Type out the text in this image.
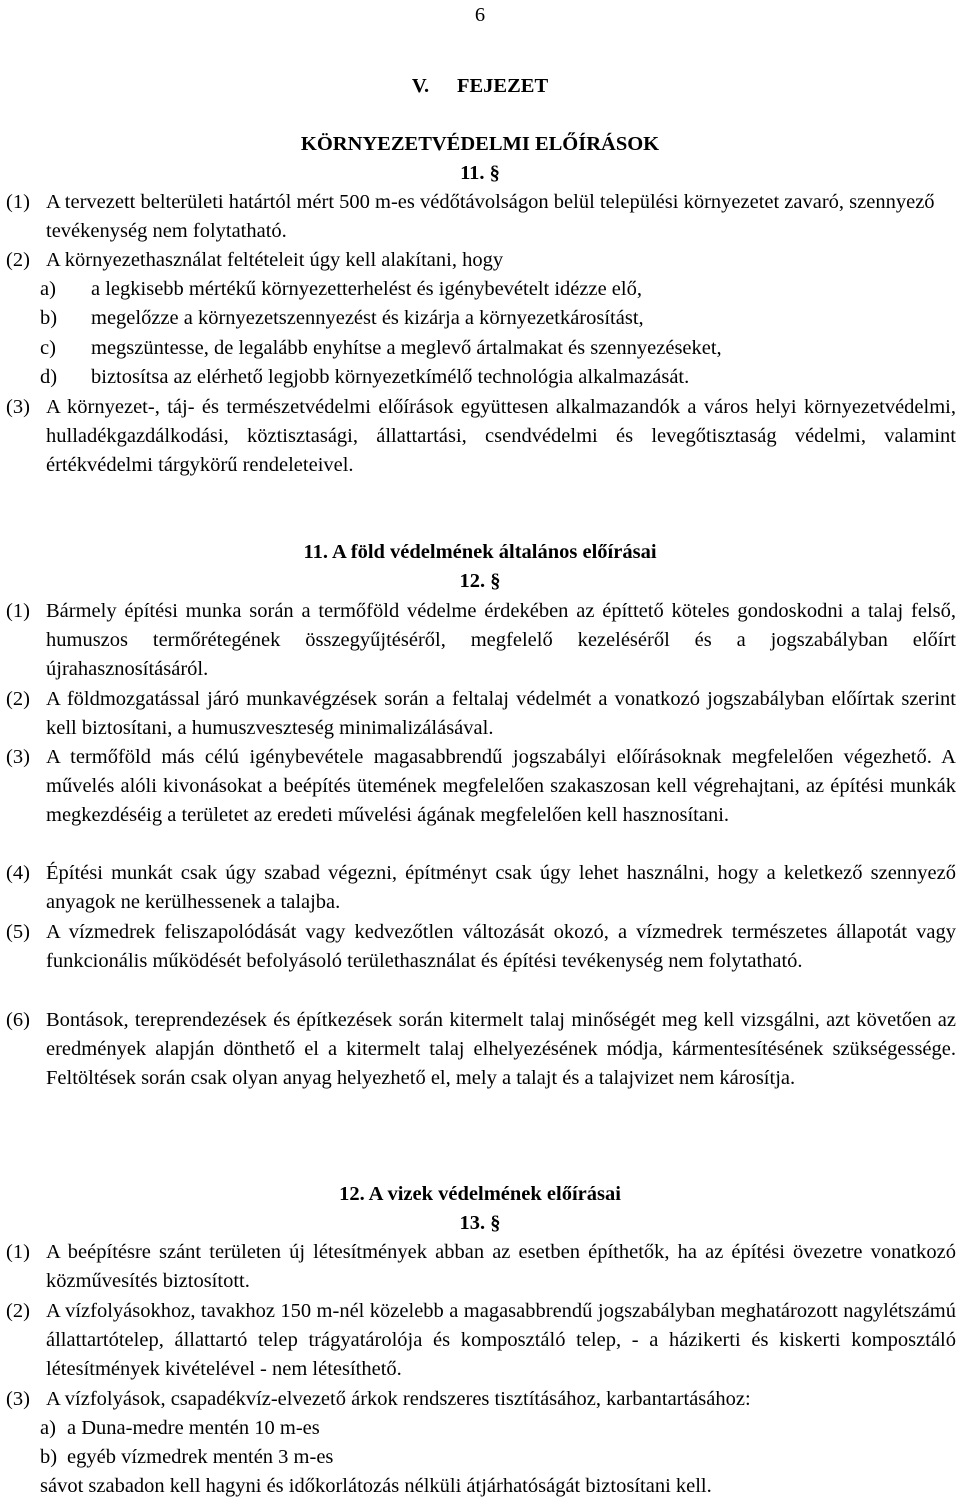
6
V. FEJEZET
KÖRNYEZETVÉDELMI ELŐÍRÁSOK
11. §
(1) A tervezett belterületi határtól mért 500 m-es védőtávolságon belül települési környezetet zavaró, szennyező tevékenység nem folytatható.
(2) A környezethasználat feltételeit úgy kell alakítani, hogy
a)	a legkisebb mértékű környezetterhelést és igénybevételt idézze elő,
b)	megelőzze a környezetszennyezést és kizárja a környezetkárosítást,
c)	megszüntesse, de legalább enyhítse a meglevő ártalmakat és szennyezéseket,
d)	biztosítsa az elérhető legjobb környezetkímélő technológia alkalmazását.
(3) A környezet-, táj- és természetvédelmi előírások együttesen alkalmazandók a város helyi környezetvédelmi, hulladékgazdálkodási, köztisztasági, állattartási, csendvédelmi és levegőtisztaság védelmi, valamint értékvédelmi tárgykörű rendeleteivel.
11. A föld védelmének általános előírásai
12. §
(1) Bármely építési munka során a termőföld védelme érdekében az építtető köteles gondoskodni a talaj felső, humuszos termőrétegének összegyűjtéséről, megfelelő kezeléséről és a jogszabályban előírt újrahasznosításáról.
(2) A földmozgatással járó munkavégzések során a feltalaj védelmét a vonatkozó jogszabályban előírtak szerint kell biztosítani, a humuszveszteség minimalizálásával.
(3) A termőföld más célú igénybevétele magasabbrendű jogszabályi előírásoknak megfelelően végezhető. A művelés alóli kivonásokat a beépítés ütemének megfelelően szakaszosan kell végrehajtani, az építési munkák megkezdéséig a területet az eredeti művelési ágának megfelelően kell hasznosítani.
(4) Építési munkát csak úgy szabad végezni, építményt csak úgy lehet használni, hogy a keletkező szennyező anyagok ne kerülhessenek a talajba.
(5) A vízmedrek feliszapolódását vagy kedvezőtlen változását okozó, a vízmedrek természetes állapotát vagy funkcionális működését befolyásoló területhasználat és építési tevékenység nem folytatható.
(6) Bontások, tereprendezések és építkezések során kitermelt talaj minőségét meg kell vizsgálni, azt követően az eredmények alapján dönthető el a kitermelt talaj elhelyezésének módja, kármentesítésének szükségessége. Feltöltések során csak olyan anyag helyezhető el, mely a talajt és a talajvizet nem károsítja.
12. A vizek védelmének előírásai
13. §
(1) A beépítésre szánt területen új létesítmények abban az esetben építhetők, ha az építési övezetre vonatkozó közművesítés biztosított.
(2) A vízfolyásokhoz, tavakhoz 150 m-nél közelebb a magasabbrendű jogszabályban meghatározott nagylétszámú állattartótelep, állattartó telep trágyatárolója és komposztáló telep, - a házikerti és kiskerti komposztáló létesítmények kivételével - nem létesíthető.
(3) A vízfolyások, csapadékvíz-elvezető árkok rendszeres tisztításához, karbantartásához:
a) a Duna-medre mentén 10 m-es
b) egyéb vízmedrek mentén 3 m-es
sávot szabadon kell hagyni és időkorlátozás nélküli átjárhatóságát biztosítani kell.
